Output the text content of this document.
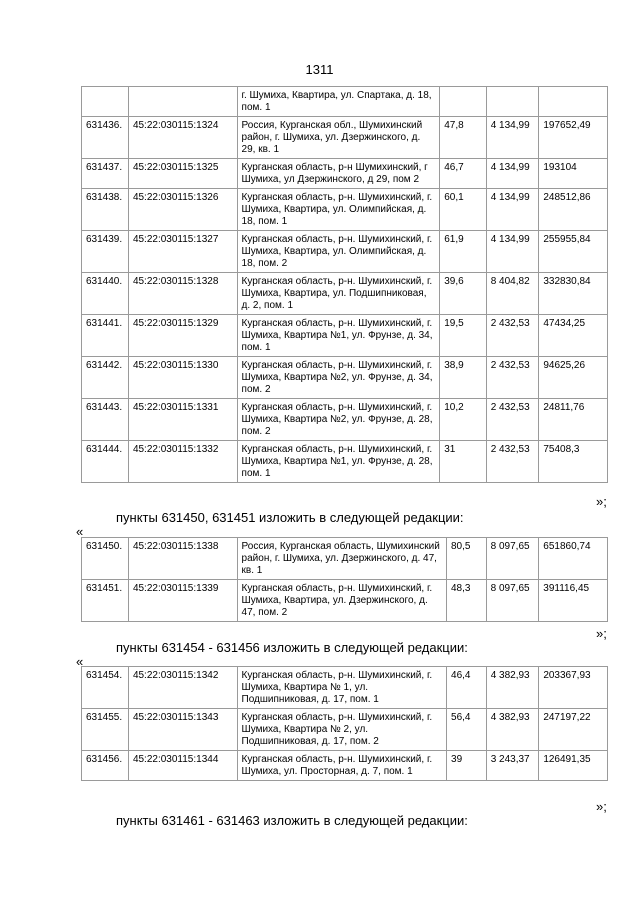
1311
		г. Шумиха, Квартира, ул. Спартака, д. 18, пом. 1			
631436.	45:22:030115:1324	Россия, Курганская обл., Шумихинский район, г. Шумиха, ул. Дзержинского, д. 29, кв. 1	47,8	4 134,99	197652,49
631437.	45:22:030115:1325	Курганская область, р-н Шумихинский, г Шумиха, ул Дзержинского, д 29, пом 2	46,7	4 134,99	193104
631438.	45:22:030115:1326	Курганская область, р-н. Шумихинский, г. Шумиха, Квартира, ул. Олимпийская, д. 18, пом. 1	60,1	4 134,99	248512,86
631439.	45:22:030115:1327	Курганская область, р-н. Шумихинский, г. Шумиха, Квартира, ул. Олимпийская, д. 18, пом. 2	61,9	4 134,99	255955,84
631440.	45:22:030115:1328	Курганская область, р-н. Шумихинский, г. Шумиха, Квартира, ул. Подшипниковая, д. 2, пом. 1	39,6	8 404,82	332830,84
631441.	45:22:030115:1329	Курганская область, р-н. Шумихинский, г. Шумиха, Квартира №1, ул. Фрунзе, д. 34, пом. 1	19,5	2 432,53	47434,25
631442.	45:22:030115:1330	Курганская область, р-н. Шумихинский, г. Шумиха, Квартира №2, ул. Фрунзе, д. 34, пом. 2	38,9	2 432,53	94625,26
631443.	45:22:030115:1331	Курганская область, р-н. Шумихинский, г. Шумиха, Квартира №2, ул. Фрунзе, д. 28, пом. 2	10,2	2 432,53	24811,76
631444.	45:22:030115:1332	Курганская область, р-н. Шумихинский, г. Шумиха, Квартира №1, ул. Фрунзе, д. 28, пом. 1	31	2 432,53	75408,3
»;
пункты 631450, 631451 изложить в следующей редакции:
«
631450.	45:22:030115:1338	Россия, Курганская область, Шумихинский район, г. Шумиха, ул. Дзержинского, д. 47, кв. 1	80,5	8 097,65	651860,74
631451.	45:22:030115:1339	Курганская область, р-н. Шумихинский, г. Шумиха, Квартира, ул. Дзержинского, д. 47, пом. 2	48,3	8 097,65	391116,45
»;
пункты 631454 - 631456 изложить в следующей редакции:
«
631454.	45:22:030115:1342	Курганская область, р-н. Шумихинский, г. Шумиха, Квартира № 1, ул. Подшипниковая, д. 17, пом. 1	46,4	4 382,93	203367,93
631455.	45:22:030115:1343	Курганская область, р-н. Шумихинский, г. Шумиха, Квартира № 2, ул. Подшипниковая, д. 17, пом. 2	56,4	4 382,93	247197,22
631456.	45:22:030115:1344	Курганская область, р-н. Шумихинский, г. Шумиха, ул. Просторная, д. 7, пом. 1	39	3 243,37	126491,35
»;
пункты 631461 - 631463 изложить в следующей редакции:
